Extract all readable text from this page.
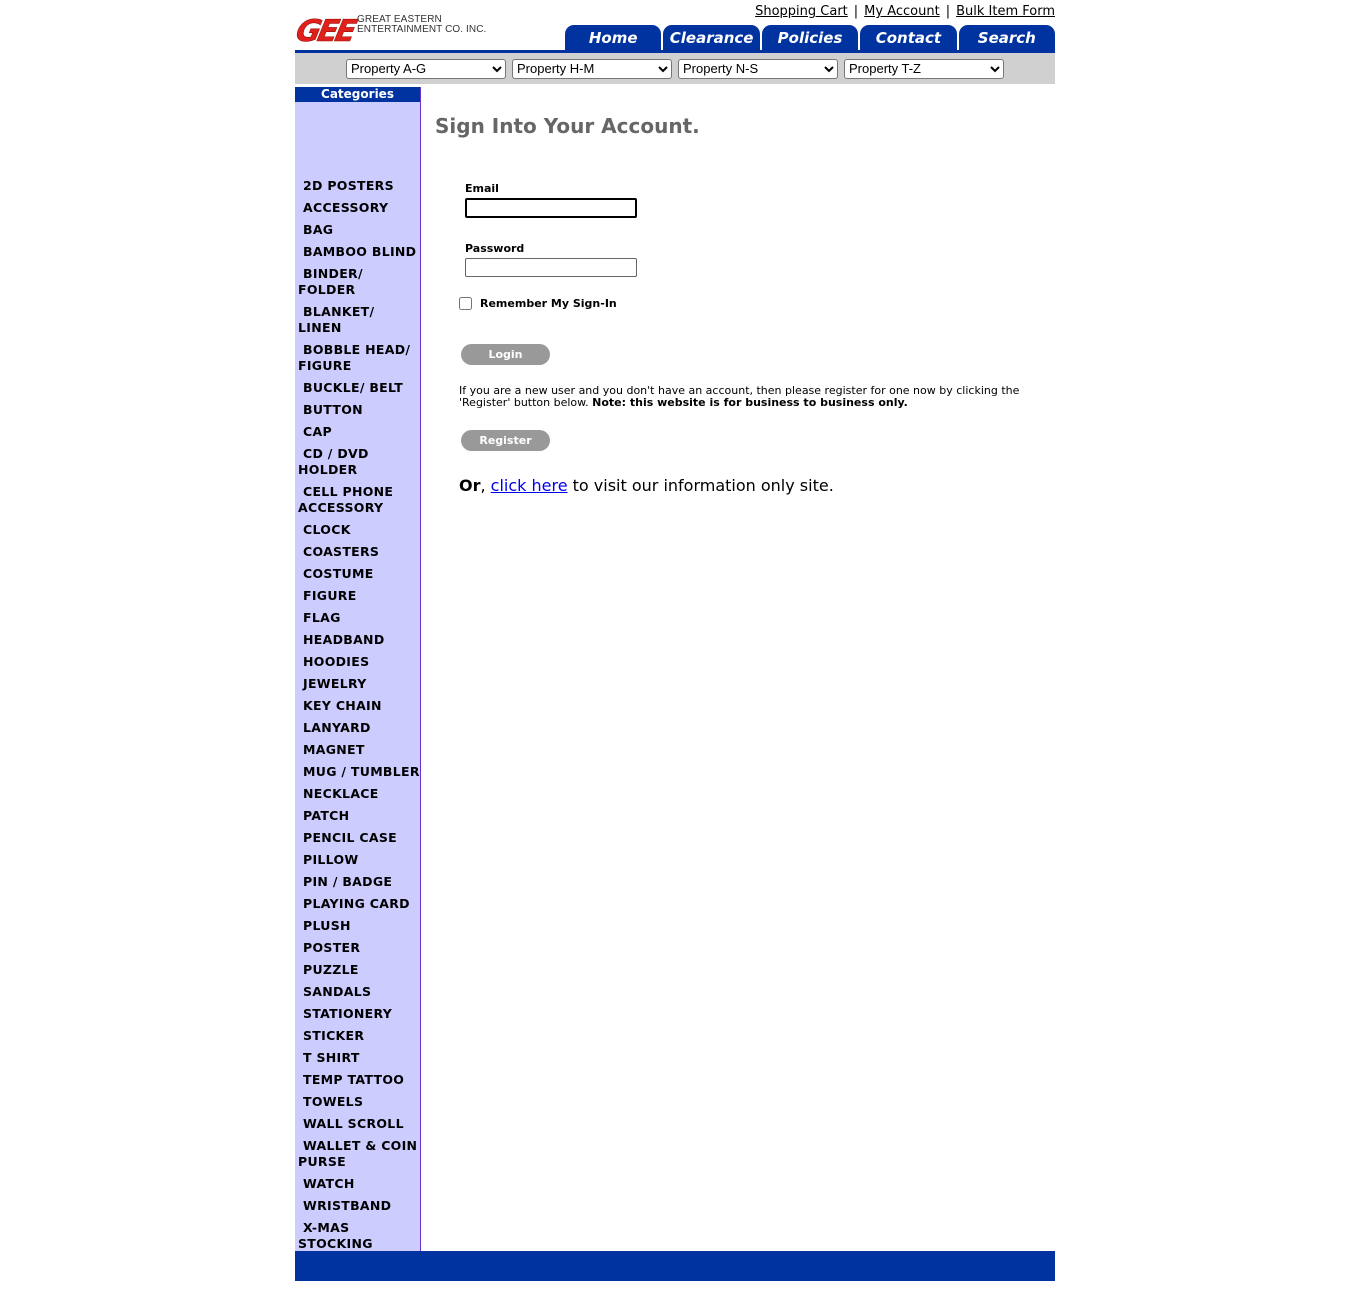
GEE GREAT EASTERN
ENTERTAINMENT CO. INC.
Shopping Cart | My Account | Bulk Item Form
Home	Clearance	Policies	Contact	Search
Property A-G
Property H-M
Property N-S
Property T-Z
Categories
2D POSTERS
ACCESSORY
BAG
BAMBOO BLIND
BINDER/ FOLDER
BLANKET/ LINEN
BOBBLE HEAD/ FIGURE
BUCKLE/ BELT
BUTTON
CAP
CD / DVD HOLDER
CELL PHONE ACCESSORY
CLOCK
COASTERS
COSTUME
FIGURE
FLAG
HEADBAND
HOODIES
JEWELRY
KEY CHAIN
LANYARD
MAGNET
MUG / TUMBLER
NECKLACE
PATCH
PENCIL CASE
PILLOW
PIN / BADGE
PLAYING CARD
PLUSH
POSTER
PUZZLE
SANDALS
STATIONERY
STICKER
T SHIRT
TEMP TATTOO
TOWELS
WALL SCROLL
WALLET & COIN PURSE
WATCH
WRISTBAND
X-MAS STOCKING
Sign Into Your Account.
Email
Password
Remember My Sign-In
Login
If you are a new user and you don't have an account, then please register for one now by clicking the 'Register' button below. Note: this website is for business to business only.
Register
Or, click here to visit our information only site.
